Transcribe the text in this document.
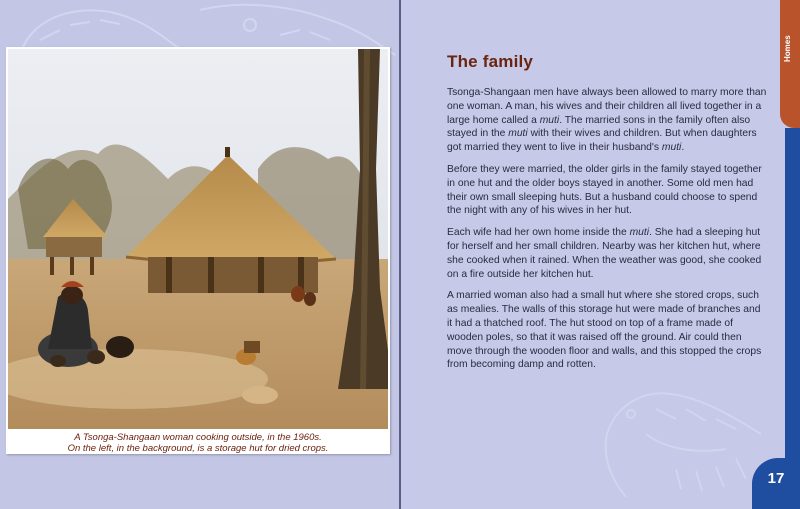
A Tsonga-Shangaan woman cooking outside, in the 1960s.
On the left, in the background, is a storage hut for dried crops.
The family

Tsonga-Shangaan men have always been allowed to marry more than one woman. A man, his wives and their children all lived together in a large home called a muti. The married sons in the family often also stayed in the muti with their wives and children. But when daughters got married they went to live in their husband's muti.

Before they were married, the older girls in the family stayed together in one hut and the older boys stayed in another. Some old men had their own small sleeping huts. But a husband could choose to spend the night with any of his wives in her hut.

Each wife had her own home inside the muti. She had a sleeping hut for herself and her small children. Nearby was her kitchen hut, where she cooked when it rained. When the weather was good, she cooked on a fire outside her kitchen hut.

A married woman also had a small hut where she stored crops, such as mealies. The walls of this storage hut were made of branches and it had a thatched roof. The hut stood on top of a frame made of wooden poles, so that it was raised off the ground. Air could then move through the wooden floor and walls, and this stopped the crops from becoming damp and rotten.

Homes
17
